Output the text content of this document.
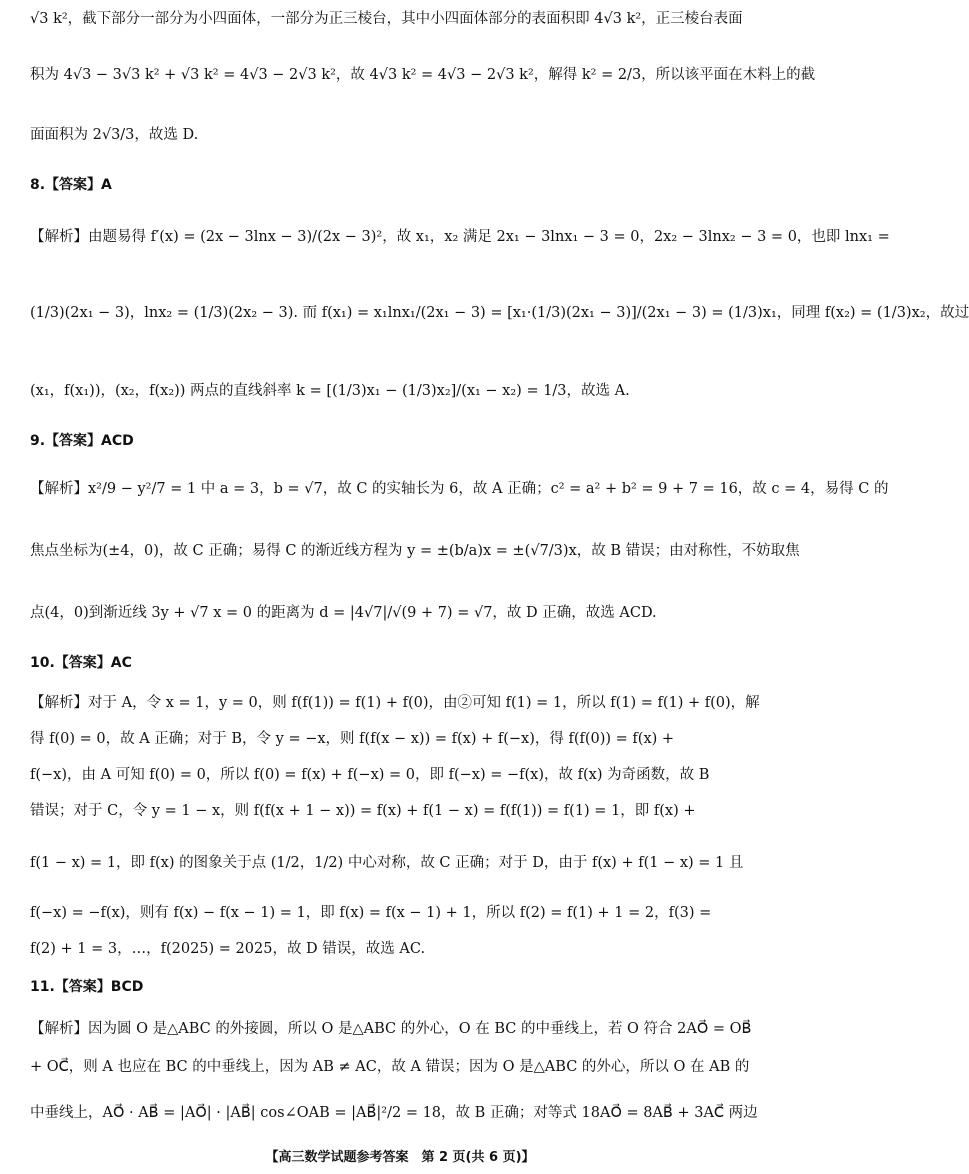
√3 k²，截下部分一部分为小四面体，一部分为正三棱台，其中小四面体部分的表面积即 4√3 k²，正三棱台表面
积为 4√3 − 3√3 k² + √3 k² = 4√3 − 2√3 k²，故 4√3 k² = 4√3 − 2√3 k²，解得 k² = 2/3，所以该平面在木料上的截
面面积为 2√3/3，故选 D.
8.【答案】A
【解析】由题易得 f′(x) = (2x − 3lnx − 3)/(2x − 3)²，故 x₁，x₂ 满足 2x₁ − 3lnx₁ − 3 = 0，2x₂ − 3lnx₂ − 3 = 0，也即 lnx₁ =
(1/3)(2x₁ − 3)，lnx₂ = (1/3)(2x₂ − 3). 而 f(x₁) = x₁lnx₁/(2x₁ − 3) = [x₁·(1/3)(2x₁ − 3)]/(2x₁ − 3) = (1/3)x₁，同理 f(x₂) = (1/3)x₂，故过
(x₁，f(x₁))，(x₂，f(x₂)) 两点的直线斜率 k = [(1/3)x₁ − (1/3)x₂]/(x₁ − x₂) = 1/3，故选 A.
9.【答案】ACD
【解析】x²/9 − y²/7 = 1 中 a = 3，b = √7，故 C 的实轴长为 6，故 A 正确；c² = a² + b² = 9 + 7 = 16，故 c = 4，易得 C 的
焦点坐标为(±4，0)，故 C 正确；易得 C 的渐近线方程为 y = ±(b/a)x = ±(√7/3)x，故 B 错误；由对称性，不妨取焦
点(4，0)到渐近线 3y + √7 x = 0 的距离为 d = |4√7|/√(9 + 7) = √7，故 D 正确，故选 ACD.
10.【答案】AC
【解析】对于 A，令 x = 1，y = 0，则 f(f(1)) = f(1) + f(0)，由②可知 f(1) = 1，所以 f(1) = f(1) + f(0)，解
得 f(0) = 0，故 A 正确；对于 B，令 y = −x，则 f(f(x − x)) = f(x) + f(−x)，得 f(f(0)) = f(x) +
f(−x)，由 A 可知 f(0) = 0，所以 f(0) = f(x) + f(−x) = 0，即 f(−x) = −f(x)，故 f(x) 为奇函数，故 B
错误；对于 C，令 y = 1 − x，则 f(f(x + 1 − x)) = f(x) + f(1 − x) = f(f(1)) = f(1) = 1，即 f(x) +
f(1 − x) = 1，即 f(x) 的图象关于点 (1/2，1/2) 中心对称，故 C 正确；对于 D，由于 f(x) + f(1 − x) = 1 且
f(−x) = −f(x)，则有 f(x) − f(x − 1) = 1，即 f(x) = f(x − 1) + 1，所以 f(2) = f(1) + 1 = 2，f(3) =
f(2) + 1 = 3，…，f(2025) = 2025，故 D 错误，故选 AC.
11.【答案】BCD
【解析】因为圆 O 是△ABC 的外接圆，所以 O 是△ABC 的外心，O 在 BC 的中垂线上，若 O 符合 2AO⃗ = OB⃗
+ OC⃗，则 A 也应在 BC 的中垂线上，因为 AB ≠ AC，故 A 错误；因为 O 是△ABC 的外心，所以 O 在 AB 的
中垂线上，AO⃗ · AB⃗ = |AO⃗| · |AB⃗| cos∠OAB = |AB⃗|²/2 = 18，故 B 正确；对等式 18AO⃗ = 8AB⃗ + 3AC⃗ 两边
【高三数学试题参考答案　第 2 页(共 6 页)】
